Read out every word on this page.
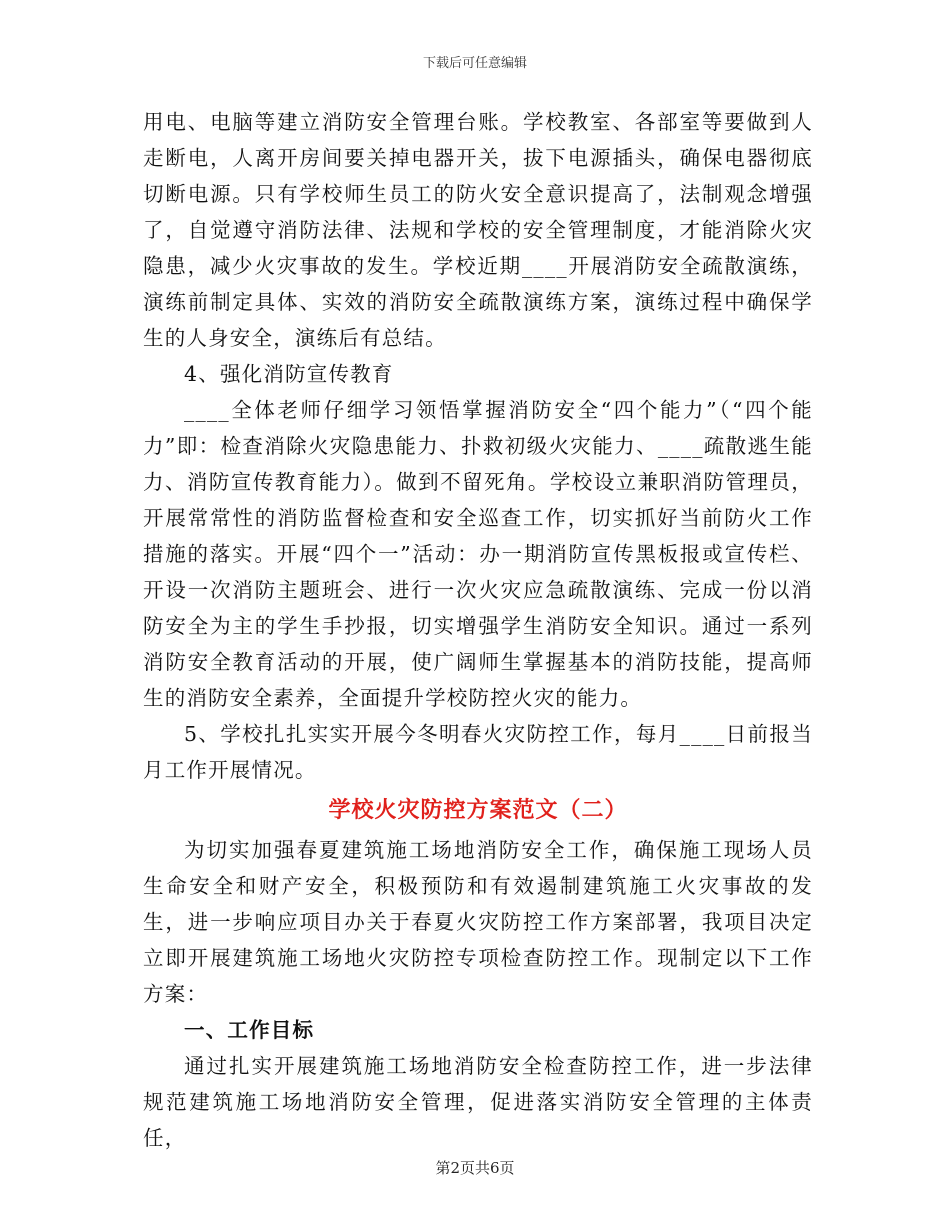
下载后可任意编辑

用电、电脑等建立消防安全管理台账。学校教室、各部室等要做到人走断电，人离开房间要关掉电器开关，拔下电源插头，确保电器彻底切断电源。只有学校师生员工的防火安全意识提高了，法制观念增强了，自觉遵守消防法律、法规和学校的安全管理制度，才能消除火灾隐患，减少火灾事故的发生。学校近期____开展消防安全疏散演练，演练前制定具体、实效的消防安全疏散演练方案，演练过程中确保学生的人身安全，演练后有总结。

4、强化消防宣传教育

____全体老师仔细学习领悟掌握消防安全“四个能力”（“四个能力”即：检查消除火灾隐患能力、扑救初级火灾能力、____疏散逃生能力、消防宣传教育能力）。做到不留死角。学校设立兼职消防管理员，开展常常性的消防监督检查和安全巡查工作，切实抓好当前防火工作措施的落实。开展“四个一”活动：办一期消防宣传黑板报或宣传栏、开设一次消防主题班会、进行一次火灾应急疏散演练、完成一份以消防安全为主的学生手抄报，切实增强学生消防安全知识。通过一系列消防安全教育活动的开展，使广阔师生掌握基本的消防技能，提高师生的消防安全素养，全面提升学校防控火灾的能力。

5、学校扎扎实实开展今冬明春火灾防控工作，每月____日前报当月工作开展情况。

学校火灾防控方案范文（二）

为切实加强春夏建筑施工场地消防安全工作，确保施工现场人员生命安全和财产安全，积极预防和有效遏制建筑施工火灾事故的发生，进一步响应项目办关于春夏火灾防控工作方案部署，我项目决定立即开展建筑施工场地火灾防控专项检查防控工作。现制定以下工作方案：

一、工作目标

通过扎实开展建筑施工场地消防安全检查防控工作，进一步法律规范建筑施工场地消防安全管理，促进落实消防安全管理的主体责任，

第2页共6页
